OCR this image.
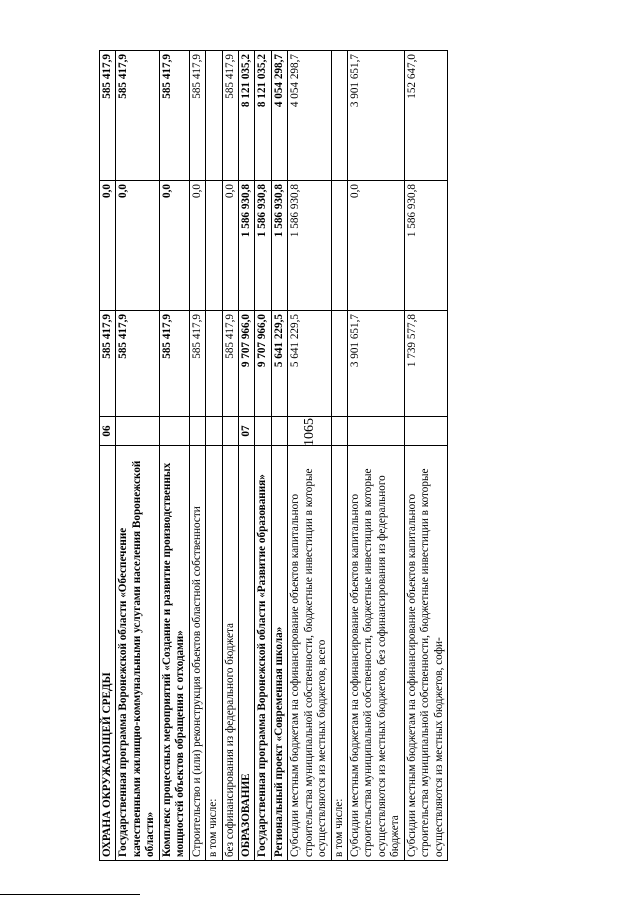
1065
ОХРАНА ОКРУЖАЮЩЕЙ СРЕДЫ	06	585 417,9	0,0	585 417,9
Государственная программа Воронежской области «Обеспечение качественными жилищно-коммунальными услугами населения Воронежской области»		585 417,9	0,0	585 417,9
Комплекс процессных мероприятий «Создание и развитие производственных мощностей объектов обращения с отходами»		585 417,9	0,0	585 417,9
Строительство и (или) реконструкция объектов областной собственности		585 417,9	0,0	585 417,9
в том числе:				
без софинансирования из федерального бюджета		585 417,9	0,0	585 417,9
ОБРАЗОВАНИЕ	07	9 707 966,0	1 586 930,8	8 121 035,2
Государственная программа Воронежской области «Развитие образования»		9 707 966,0	1 586 930,8	8 121 035,2
Региональный проект «Современная школа»		5 641 229,5	1 586 930,8	4 054 298,7
Субсидии местным бюджетам на софинансирование объектов капитального строительства муниципальной собственности, бюджетные инвестиции в которые осуществляются из местных бюджетов, всего		5 641 229,5	1 586 930,8	4 054 298,7
в том числе:				
Субсидии местным бюджетам на софинансирование объектов капитального строительства муниципальной собственности, бюджетные инвестиции в которые осуществляются из местных бюджетов, без софинансирования из федерального бюджета		3 901 651,7	0,0	3 901 651,7
Субсидии местным бюджетам на софинансирование объектов капитального строительства муниципальной собственности, бюджетные инвестиции в которые осуществляются из местных бюджетов, софи-		1 739 577,8	1 586 930,8	152 647,0
